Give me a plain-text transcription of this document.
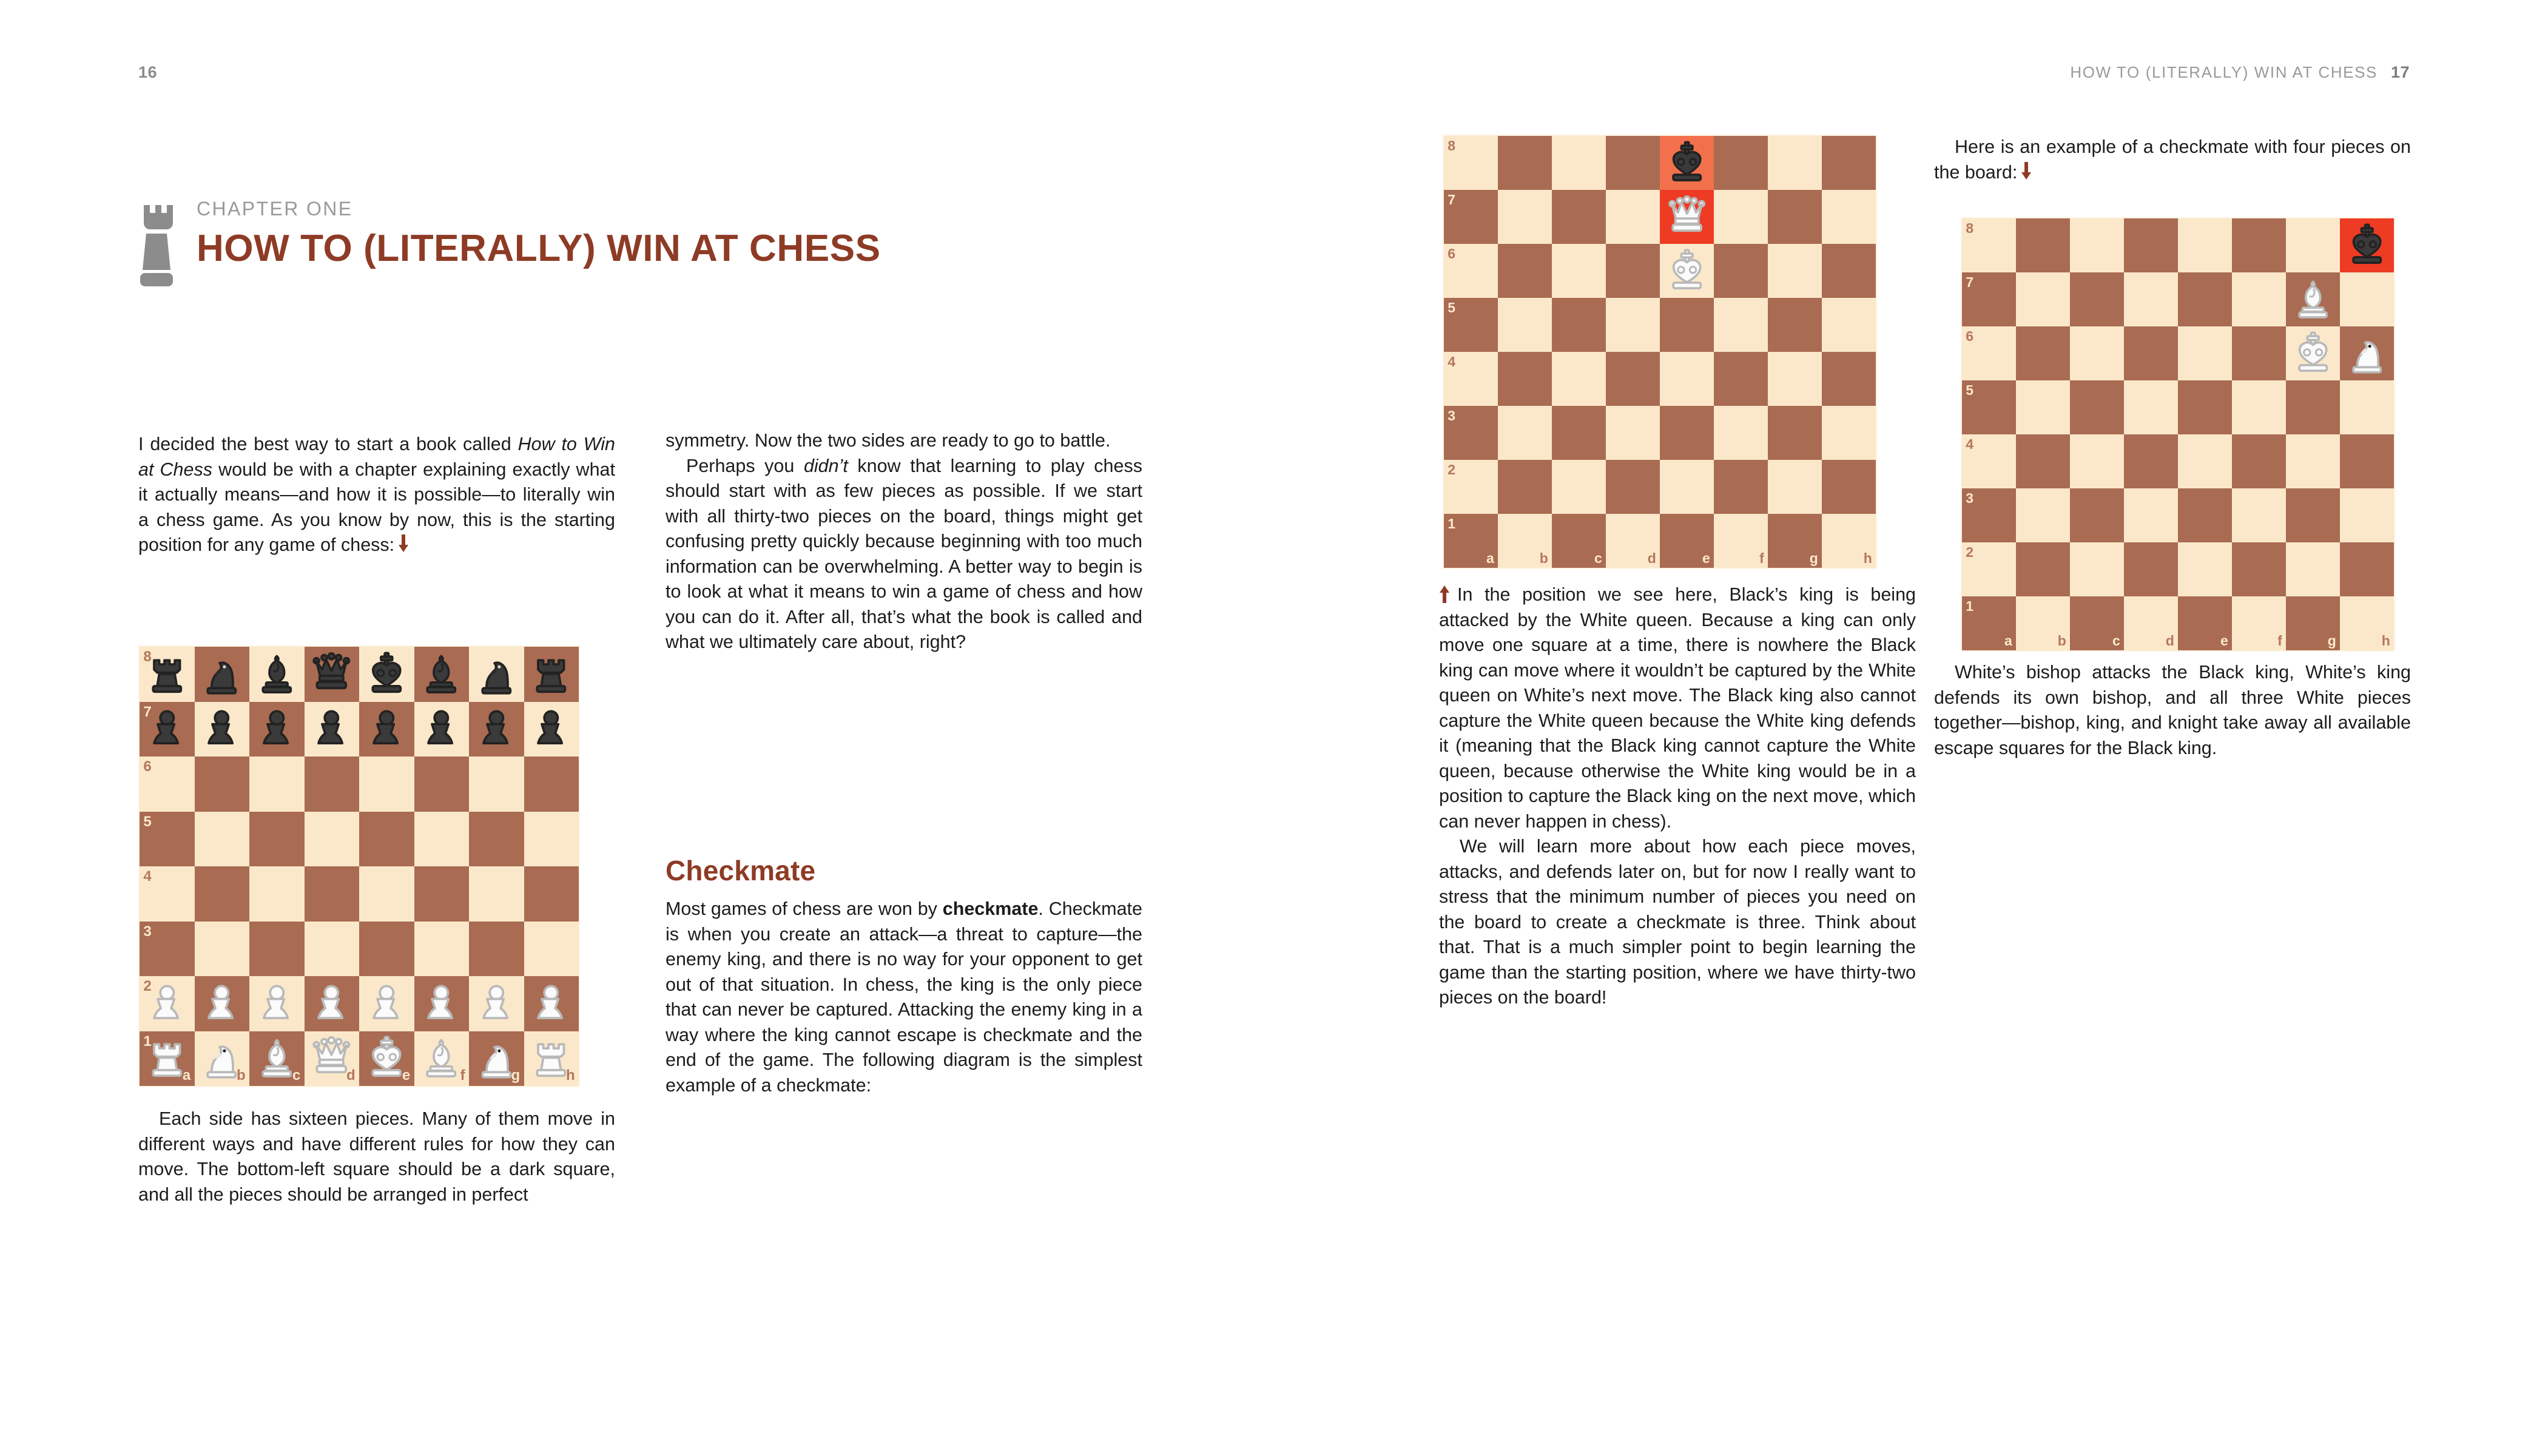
16	HOW TO (LITERALLY) WIN AT CHESS 17
CHAPTER ONE
HOW TO (LITERALLY) WIN AT CHESS

I decided the best way to start a book called How to Win at Chess would be with a chapter explaining exactly what it actually means—and how it is possible—to literally win a chess game. As you know by now, this is the starting position for any game of chess:

8
7
6
5
4
3
2
1
a	b	c	d	e	f	g	h

Each side has sixteen pieces. Many of them move in different ways and have different rules for how they can move. The bottom-left square should be a dark square, and all the pieces should be arranged in perfect

symmetry. Now the two sides are ready to go to battle.

Perhaps you didn’t know that learning to play chess should start with as few pieces as possible. If we start with all thirty-two pieces on the board, things might get confusing pretty quickly because beginning with too much information can be overwhelming. A better way to begin is to look at what it means to win a game of chess and how you can do it. After all, that’s what the book is called and what we ultimately care about, right?

Checkmate

Most games of chess are won by checkmate. Checkmate is when you create an attack—a threat to capture—the enemy king, and there is no way for your opponent to get out of that situation. In chess, the king is the only piece that can never be captured. Attacking the enemy king in a way where the king cannot escape is checkmate and the end of the game. The following diagram is the simplest example of a checkmate:

8
7
6
5
4
3
2
1
a	b	c	d	e	f	g	h

In the position we see here, Black’s king is being attacked by the White queen. Because a king can only move one square at a time, there is nowhere the Black king can move where it wouldn’t be captured by the White queen on White’s next move. The Black king also cannot capture the White queen because the White king defends it (meaning that the Black king cannot capture the White queen, because otherwise the White king would be in a position to capture the Black king on the next move, which can never happen in chess).

We will learn more about how each piece moves, attacks, and defends later on, but for now I really want to stress that the minimum number of pieces you need on the board to create a checkmate is three. Think about that. That is a much simpler point to begin learning the game than the starting position, where we have thirty-two pieces on the board!

Here is an example of a checkmate with four pieces on the board:

8
7
6
5
4
3
2
1
a	b	c	d	e	f	g	h

White’s bishop attacks the Black king, White’s king defends its own bishop, and all three White pieces together—bishop, king, and knight take away all available escape squares for the Black king.
